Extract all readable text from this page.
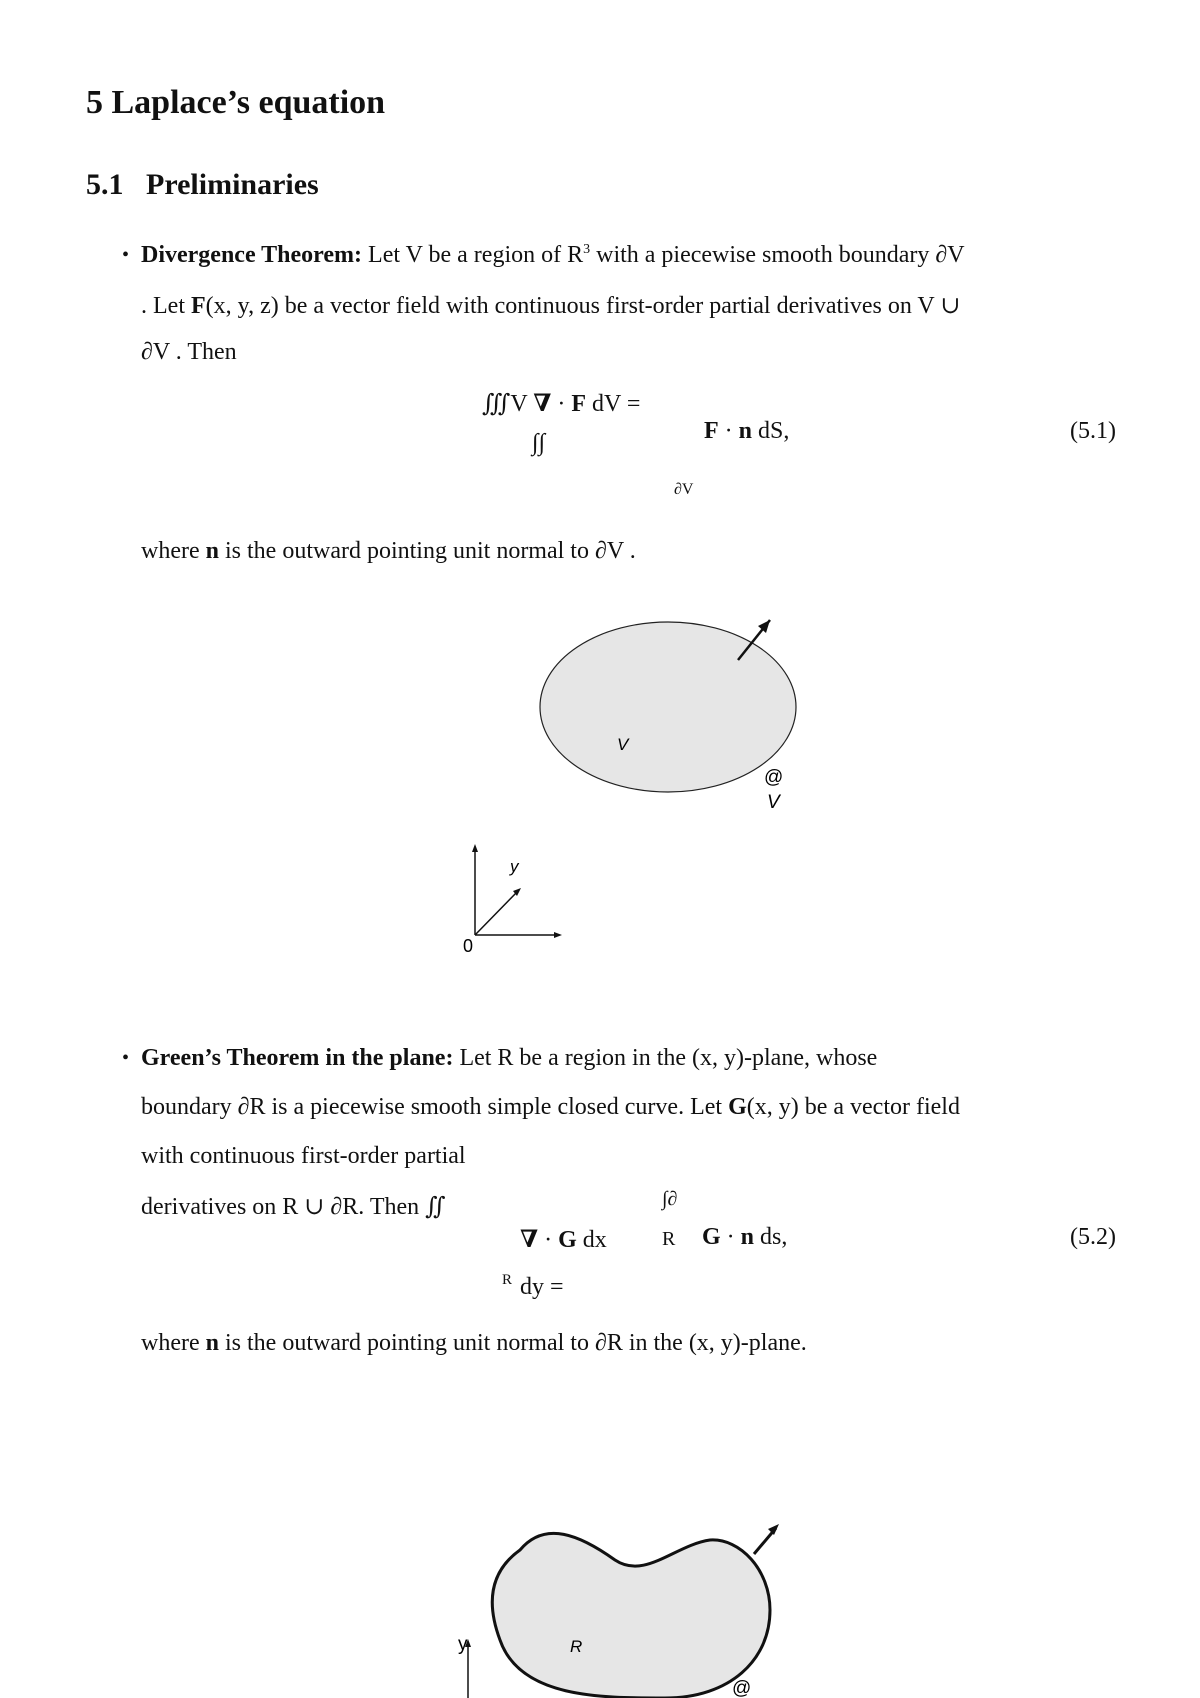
5 Laplace’s equation
5.1 Preliminaries
• Divergence Theorem: Let V be a region of $R^3$ with a piecewise smooth boundary ∂V
. Let F(x, y, z) be a vector field with continuous first-order partial derivatives on V ∪
∂V . Then
∭V ∇ · F dV =
∫∫	F · n dS,
∂V
(5.1)
where n is the outward pointing unit normal to ∂V .
V
@
V
y
0
• Green’s Theorem in the plane: Let R be a region in the (x, y)-plane, whose
boundary ∂R is a piecewise smooth simple closed curve. Let G(x, y) be a vector field
with continuous first-order partial
derivatives on R ∪ ∂R. Then ∬	∫∂
∇ · G dx	R G · n ds,
R dy =
(5.2)
where n is the outward pointing unit normal to ∂R in the (x, y)-plane.
R
@
y
